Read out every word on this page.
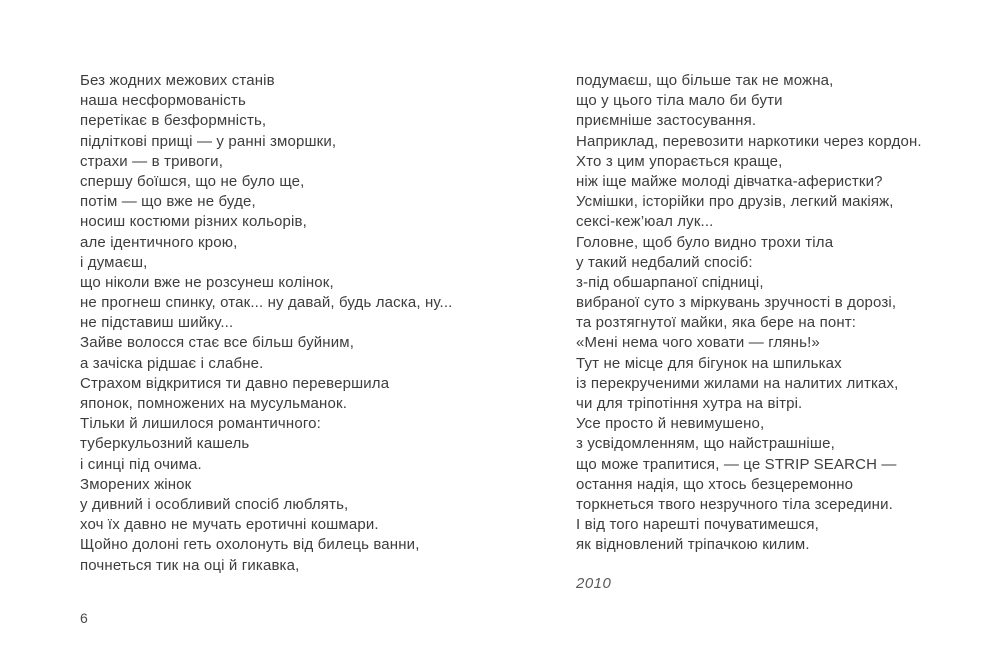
Без жодних межових станів
наша несформованість
перетікає в безформність,
підліткові прищі — у ранні зморшки,
страхи — в тривоги,
спершу боїшся, що не було ще,
потім — що вже не буде,
носиш костюми різних кольорів,
але ідентичного крою,
і думаєш,
що ніколи вже не розсунеш колінок,
не прогнеш спинку, отак... ну давай, будь ласка, ну...
не підставиш шийку...
Зайве волосся стає все більш буйним,
а зачіска рідшає і слабне.
Страхом відкритися ти давно перевершила
японок, помножених на мусульманок.
Тільки й лишилося романтичного:
туберкульозний кашель
і синці під очима.
Зморених жінок
у дивний і особливий спосіб люблять,
хоч їх давно не мучать еротичні кошмари.
Щойно долоні геть охолонуть від билець ванни,
почнеться тик на оці й гикавка,
подумаєш, що більше так не можна,
що у цього тіла мало би бути
приємніше застосування.
Наприклад, перевозити наркотики через кордон.
Хто з цим упорається краще,
ніж іще майже молоді дівчатка-аферистки?
Усмішки, історійки про друзів, легкий макіяж,
сексі-кеж’юал лук...
Головне, щоб було видно трохи тіла
у такий недбалий спосіб:
з-під обшарпаної спідниці,
вибраної суто з міркувань зручності в дорозі,
та розтягнутої майки, яка бере на понт:
«Мені нема чого ховати — глянь!»
Тут не місце для бігунок на шпильках
із перекрученими жилами на налитих литках,
чи для тріпотіння хутра на вітрі.
Усе просто й невимушено,
з усвідомленням, що найстрашніше,
що може трапитися, — це STRIP SEARCH —
остання надія, що хтось безцеремонно
торкнеться твого незручного тіла зсередини.
І від того нарешті почуватимешся,
як відновлений тріпачкою килим.
2010
6
